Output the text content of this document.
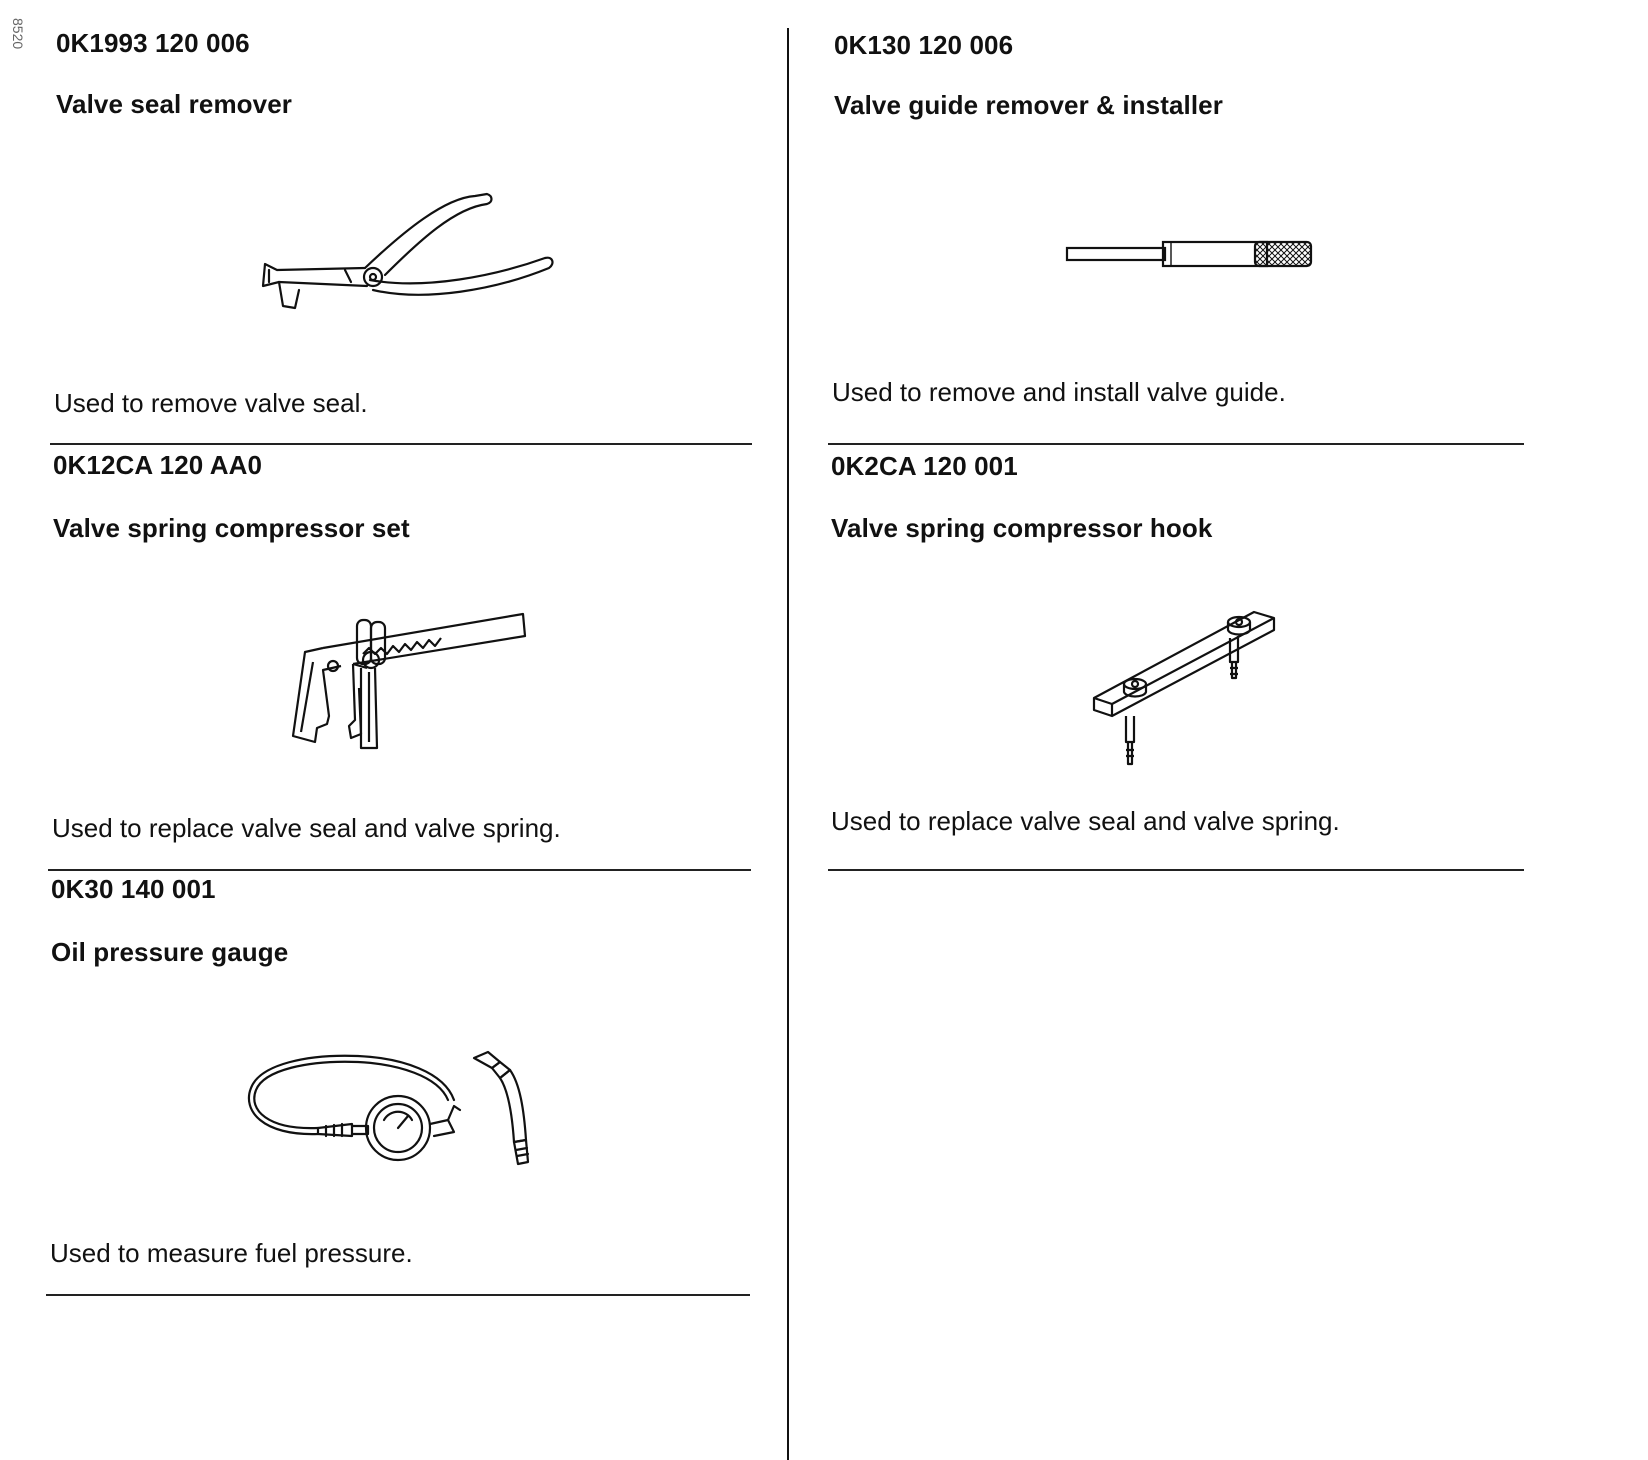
8520 0K1993 120 006
Valve seal remover
Used to remove valve seal.
0K130 120 006
Valve guide remover & installer
Used to remove and install valve guide.
0K12CA 120 AA0
Valve spring compressor set
Used to replace valve seal and valve spring.
0K2CA 120 001
Valve spring compressor hook
Used to replace valve seal and valve spring.
0K30 140 001
Oil pressure gauge
Used to measure fuel pressure.
